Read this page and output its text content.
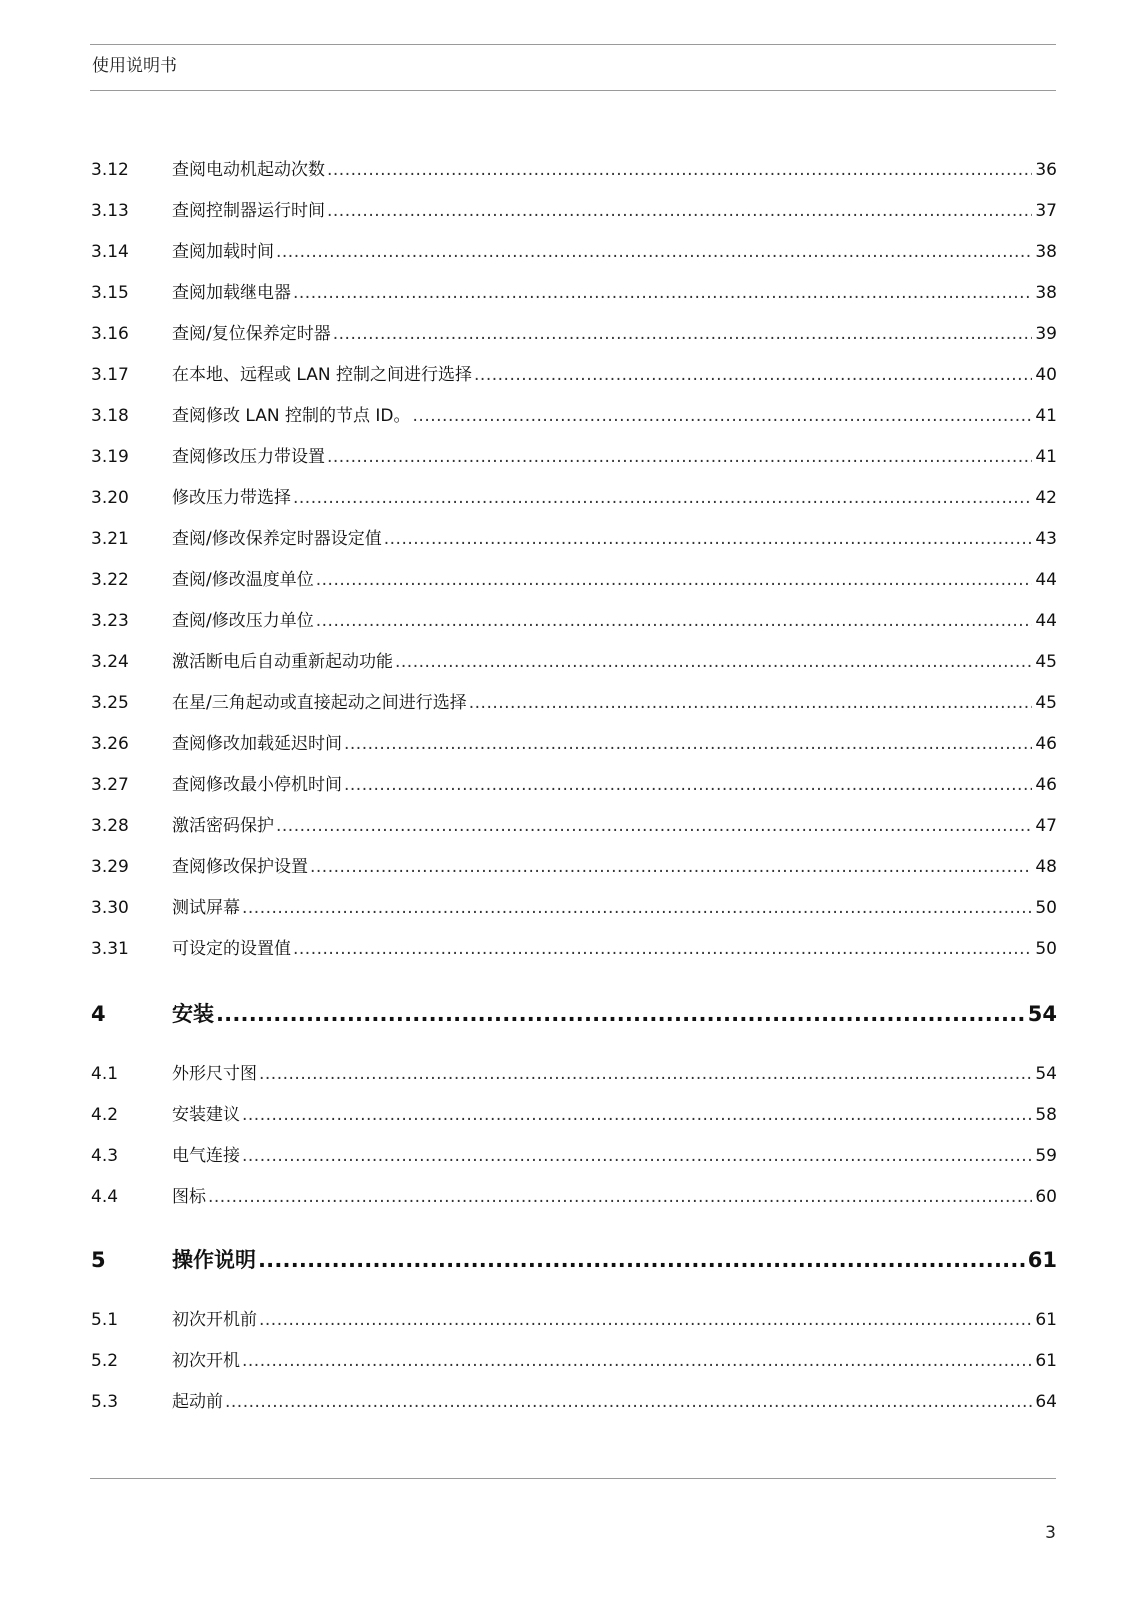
使用说明书
3.12	查阅电动机起动次数 .....	36
3.13	查阅控制器运行时间 .....	37
3.14	查阅加载时间 .....	38
3.15	查阅加载继电器 .....	38
3.16	查阅/复位保养定时器 .....	39
3.17	在本地、远程或 LAN 控制之间进行选择 .....	40
3.18	查阅修改 LAN 控制的节点 ID。 .....	41
3.19	查阅修改压力带设置 .....	41
3.20	修改压力带选择 .....	42
3.21	查阅/修改保养定时器设定值 .....	43
3.22	查阅/修改温度单位 .....	44
3.23	查阅/修改压力单位 .....	44
3.24	激活断电后自动重新起动功能 .....	45
3.25	在星/三角起动或直接起动之间进行选择 .....	45
3.26	查阅修改加载延迟时间 .....	46
3.27	查阅修改最小停机时间 .....	46
3.28	激活密码保护 .....	47
3.29	查阅修改保护设置 .....	48
3.30	测试屏幕 .....	50
3.31	可设定的设置值 .....	50
4	安装 .....	54
4.1	外形尺寸图 .....	54
4.2	安装建议 .....	58
4.3	电气连接 .....	59
4.4	图标 .....	60
5	操作说明 .....	61
5.1	初次开机前 .....	61
5.2	初次开机 .....	61
5.3	起动前 .....	64
3
